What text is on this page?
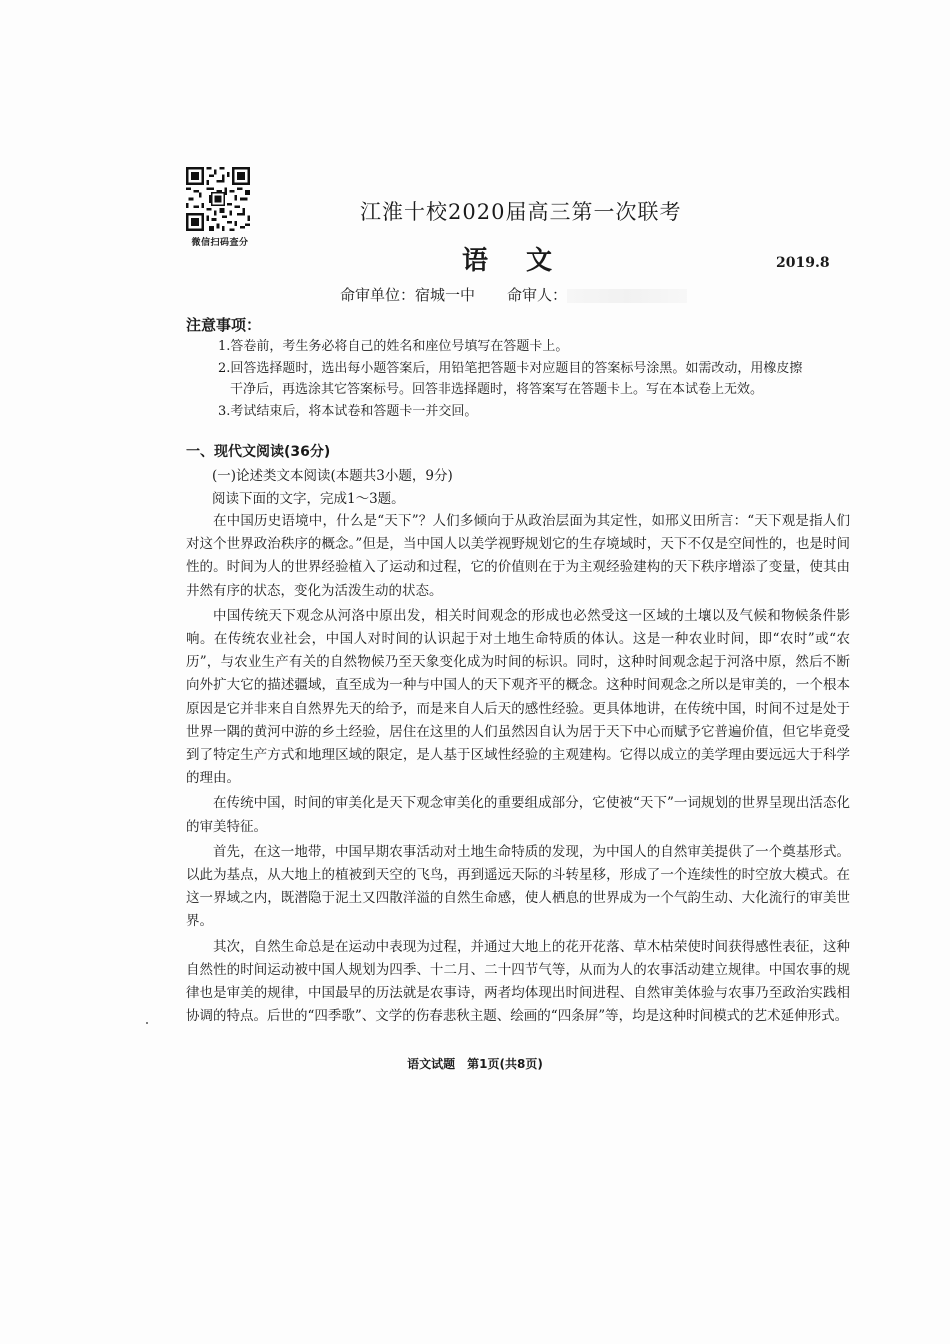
微信扫码查分
江淮十校2020届高三第一次联考
语文	2019.8
命审单位：宿城一中 命审人：
注意事项：
1.答卷前，考生务必将自己的姓名和座位号填写在答题卡上。
2.回答选择题时，选出每小题答案后，用铅笔把答题卡对应题目的答案标号涂黑。如需改动，用橡皮擦
干净后，再选涂其它答案标号。回答非选择题时，将答案写在答题卡上。写在本试卷上无效。
3.考试结束后，将本试卷和答题卡一并交回。
一、现代文阅读(36分)
(一)论述类文本阅读(本题共3小题，9分)
阅读下面的文字，完成1～3题。

在中国历史语境中，什么是“天下”？人们多倾向于从政治层面为其定性，如邢义田所言：“天下观是指人们对这个世界政治秩序的概念。”但是，当中国人以美学视野规划它的生存境域时，天下不仅是空间性的，也是时间性的。时间为人的世界经验植入了运动和过程，它的价值则在于为主观经验建构的天下秩序增添了变量，使其由井然有序的状态，变化为活泼生动的状态。

中国传统天下观念从河洛中原出发，相关时间观念的形成也必然受这一区域的土壤以及气候和物候条件影响。在传统农业社会，中国人对时间的认识起于对土地生命特质的体认。这是一种农业时间，即“农时”或“农历”，与农业生产有关的自然物候乃至天象变化成为时间的标识。同时，这种时间观念起于河洛中原，然后不断向外扩大它的描述疆域，直至成为一种与中国人的天下观齐平的概念。这种时间观念之所以是审美的，一个根本原因是它并非来自自然界先天的给予，而是来自人后天的感性经验。更具体地讲，在传统中国，时间不过是处于世界一隅的黄河中游的乡土经验，居住在这里的人们虽然因自认为居于天下中心而赋予它普遍价值，但它毕竟受到了特定生产方式和地理区域的限定，是人基于区域性经验的主观建构。它得以成立的美学理由要远远大于科学的理由。

在传统中国，时间的审美化是天下观念审美化的重要组成部分，它使被“天下”一词规划的世界呈现出活态化的审美特征。

首先，在这一地带，中国早期农事活动对土地生命特质的发现，为中国人的自然审美提供了一个奠基形式。以此为基点，从大地上的植被到天空的飞鸟，再到遥远天际的斗转星移，形成了一个连续性的时空放大模式。在这一界域之内，既潜隐于泥土又四散洋溢的自然生命感，使人栖息的世界成为一个气韵生动、大化流行的审美世界。

其次，自然生命总是在运动中表现为过程，并通过大地上的花开花落、草木枯荣使时间获得感性表征，这种自然性的时间运动被中国人规划为四季、十二月、二十四节气等，从而为人的农事活动建立规律。中国农事的规律也是审美的规律，中国最早的历法就是农事诗，两者均体现出时间进程、自然审美体验与农事乃至政治实践相协调的特点。后世的“四季歌”、文学的伤春悲秋主题、绘画的“四条屏”等，均是这种时间模式的艺术延伸形式。

语文试题　第1页(共8页)
